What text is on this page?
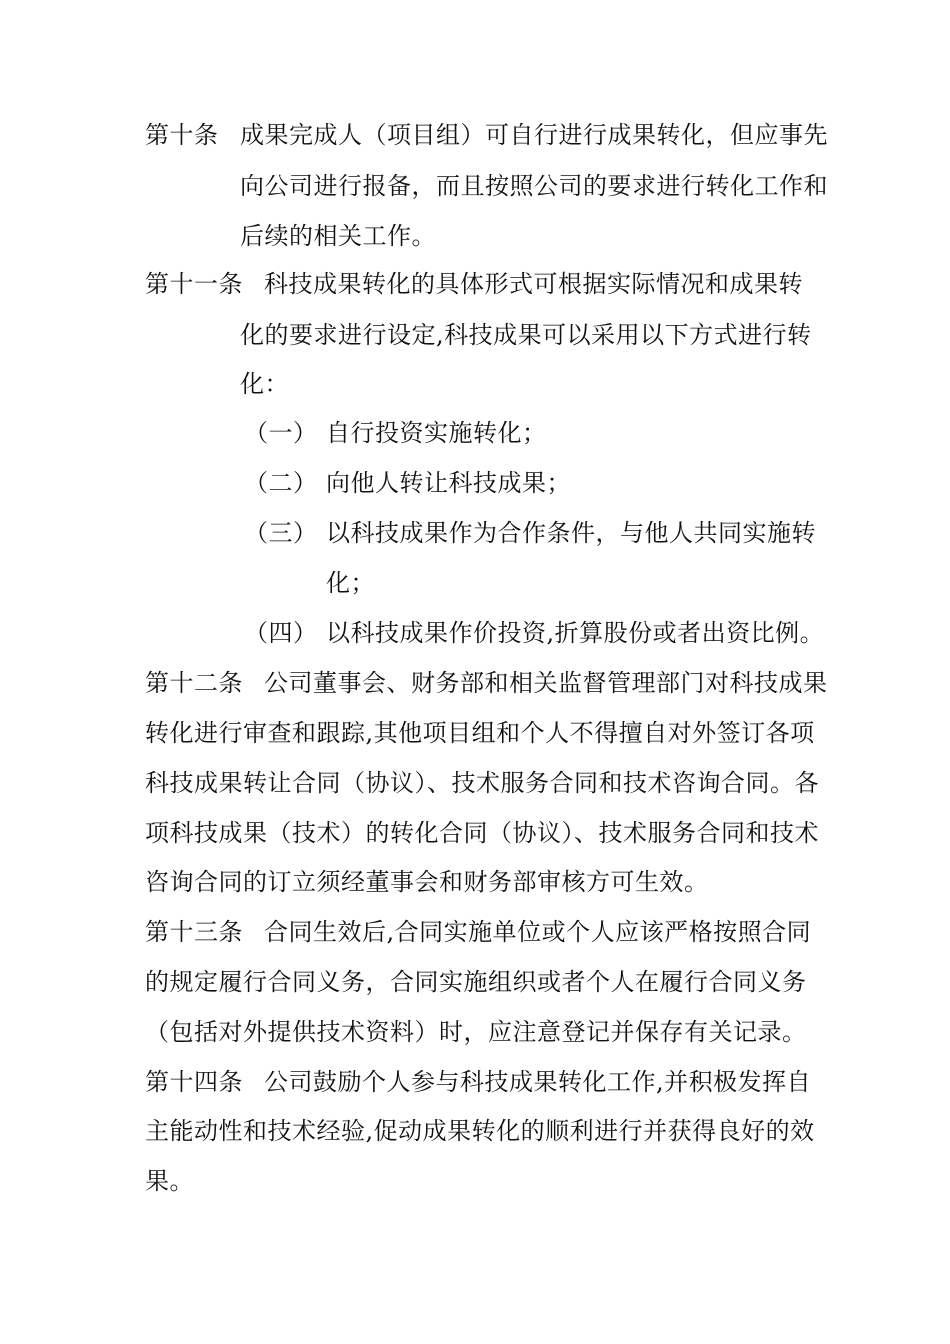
第十条 成果完成人（项目组）可自行进行成果转化，但应事先
向公司进行报备，而且按照公司的要求进行转化工作和
后续的相关工作。
第十一条 科技成果转化的具体形式可根据实际情况和成果转
化的要求进行设定,科技成果可以采用以下方式进行转
化：
（一） 自行投资实施转化；
（二） 向他人转让科技成果；
（三） 以科技成果作为合作条件，与他人共同实施转
化；
（四） 以科技成果作价投资,折算股份或者出资比例。
第十二条 公司董事会、财务部和相关监督管理部门对科技成果
转化进行审查和跟踪,其他项目组和个人不得擅自对外签订各项
科技成果转让合同（协议）、技术服务合同和技术咨询合同。各
项科技成果（技术）的转化合同（协议）、技术服务合同和技术
咨询合同的订立须经董事会和财务部审核方可生效。
第十三条 合同生效后,合同实施单位或个人应该严格按照合同
的规定履行合同义务，合同实施组织或者个人在履行合同义务
（包括对外提供技术资料）时，应注意登记并保存有关记录。
第十四条 公司鼓励个人参与科技成果转化工作,并积极发挥自
主能动性和技术经验,促动成果转化的顺利进行并获得良好的效
果。
